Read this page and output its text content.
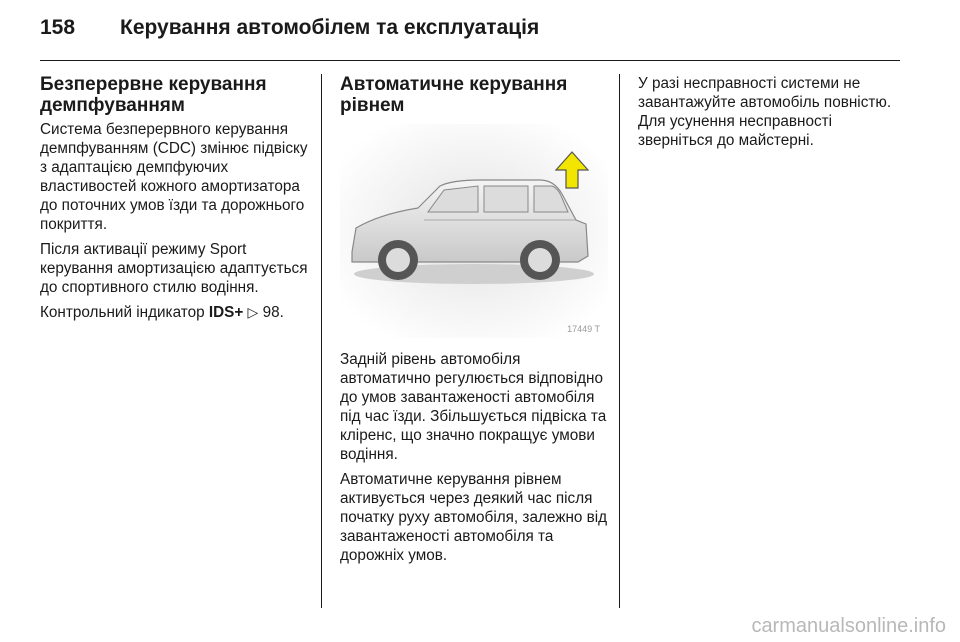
158 Керування автомобілем та експлуатація
Безперервне керування демпфуванням

Система безперервного керування демпфуванням (CDC) змінює підвіску з адаптацією демпфуючих властивостей кожного амортизатора до поточних умов їзди та дорожнього покриття.

Після активації режиму Sport керування амортизацією адаптується до спортивного стилю водіння.

Контрольний індикатор IDS+ ▷ 98.

Автоматичне керування рівнем
17449 T

Задній рівень автомобіля автоматично регулюється відповідно до умов завантаженості автомобіля під час їзди. Збільшується підвіска та кліренс, що значно покращує умови водіння.

Автоматичне керування рівнем активується через деякий час після початку руху автомобіля, залежно від завантаженості автомобіля та дорожніх умов.

У разі несправності системи не завантажуйте автомобіль повністю. Для усунення несправності зверніться до майстерні.

carmanualsonline.info
